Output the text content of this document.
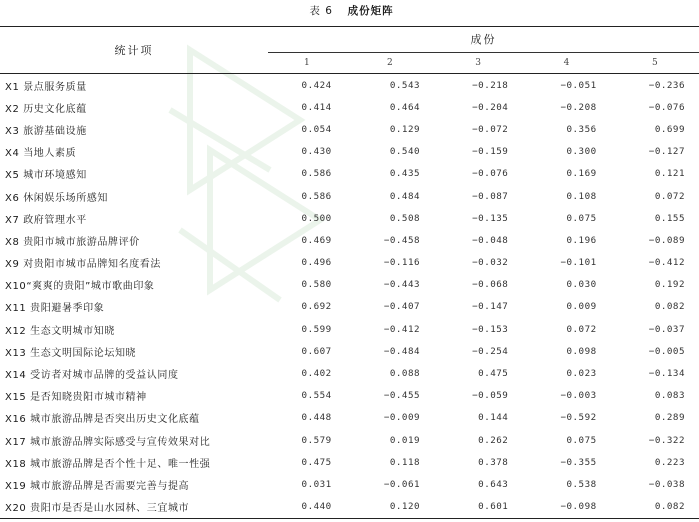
表 6 成份矩阵
统计项	成份				
	1	2	3	4	5
X1 景点服务质量	0.424	0.543	−0.218	−0.051	−0.236
X2 历史文化底蕴	0.414	0.464	−0.204	−0.208	−0.076
X3 旅游基础设施	0.054	0.129	−0.072	0.356	0.699
X4 当地人素质	0.430	0.540	−0.159	0.300	−0.127
X5 城市环境感知	0.586	0.435	−0.076	0.169	0.121
X6 休闲娱乐场所感知	0.586	0.484	−0.087	0.108	0.072
X7 政府管理水平	0.500	0.508	−0.135	0.075	0.155
X8 贵阳市城市旅游品牌评价	0.469	−0.458	−0.048	0.196	−0.089
X9 对贵阳市城市品牌知名度看法	0.496	−0.116	−0.032	−0.101	−0.412
X10“爽爽的贵阳”城市歌曲印象	0.580	−0.443	−0.068	0.030	0.192
X11 贵阳避暑季印象	0.692	−0.407	−0.147	0.009	0.082
X12 生态文明城市知晓	0.599	−0.412	−0.153	0.072	−0.037
X13 生态文明国际论坛知晓	0.607	−0.484	−0.254	0.098	−0.005
X14 受访者对城市品牌的受益认同度	0.402	0.088	0.475	0.023	−0.134
X15 是否知晓贵阳市城市精神	0.554	−0.455	−0.059	−0.003	0.083
X16 城市旅游品牌是否突出历史文化底蕴	0.448	−0.009	0.144	−0.592	0.289
X17 城市旅游品牌实际感受与宣传效果对比	0.579	0.019	0.262	0.075	−0.322
X18 城市旅游品牌是否个性十足、唯一性强	0.475	0.118	0.378	−0.355	0.223
X19 城市旅游品牌是否需要完善与提高	0.031	−0.061	0.643	0.538	−0.038
X20 贵阳市是否是山水园林、三宜城市	0.440	0.120	0.601	−0.098	0.082
